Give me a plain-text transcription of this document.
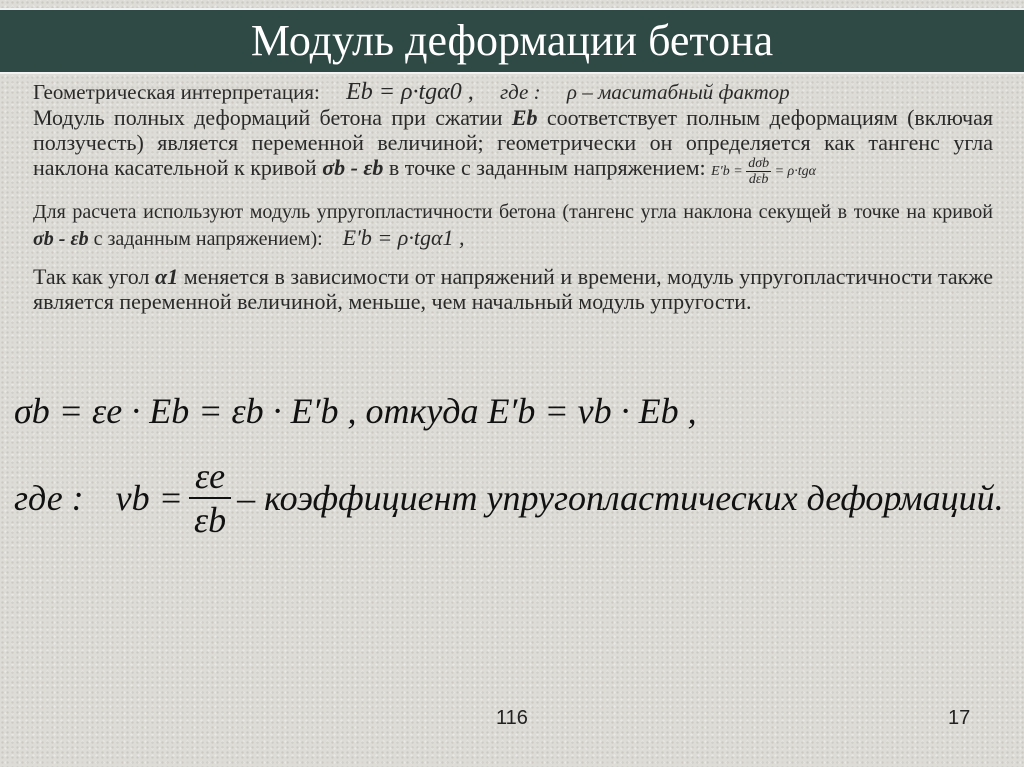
Модуль деформации бетона

Геометрическая интерпретация: Eb = ρ·tgα0 , где : ρ – маситабный фактор

Модуль полных деформаций бетона при сжатии Eb соответствует полным деформациям (включая ползучесть) является переменной величиной; геометрически он определяется как тангенс угла наклона касательной к кривой σb - εb в точке с заданным напряжением: $E'b = \frac{\text{dσb}}{\text{dεb}} = \rho\cdot tg\alpha$

Для расчета используют модуль упругопластичности бетона (тангенс угла наклона секущей в точке на кривой σb - εb с заданным напряжением): E′b = ρ·tgα1 ,

Так как угол α1 меняется в зависимости от напряжений и времени, модуль упругопластичности также является переменной величиной, меньше, чем начальный модуль упругости.

σb = εe · Eb = εb · E′b , откуда E′b = νb · Eb ,
где : $\nu b = \frac{\varepsilon e}{\varepsilon b}$ – коэффициент упругопластических деформаций.
116	17
